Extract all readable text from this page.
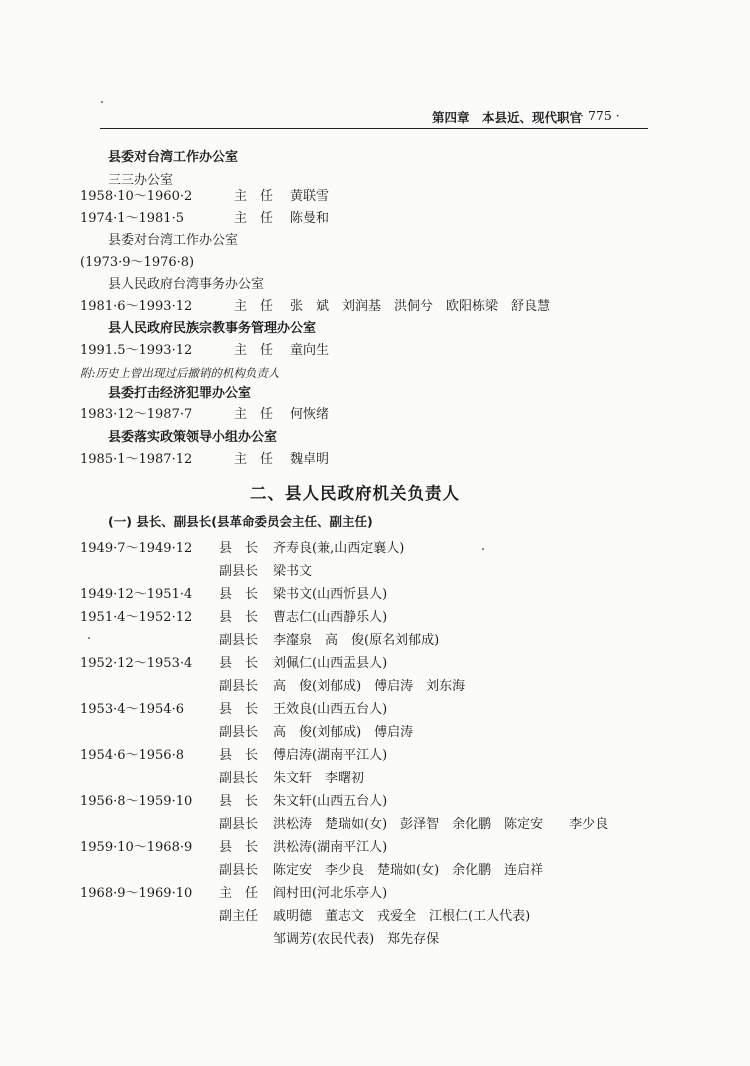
第四章　本县近、现代职官
· 775 ·
县委对台湾工作办公室
三三办公室
1958·10～1960·2	主　任 黄联雪
1974·1～1981·5	主　任 陈曼和
县委对台湾工作办公室
(1973·9～1976·8)
县人民政府台湾事务办公室
1981·6～1993·12	主　任 张　斌　刘润基　洪侗兮　欧阳栋梁　舒良慧
县人民政府民族宗教事务管理办公室
1991.5～1993·12	主　任 童向生
附:历史上曾出现过后撤销的机构负责人
县委打击经济犯罪办公室
1983·12～1987·7	主　任 何恢绪
县委落实政策领导小组办公室
1985·1～1987·12	主　任 魏卓明
二、县人民政府机关负责人
(一) 县长、副县长(县革命委员会主任、副主任)
1949·7～1949·12 县　长 齐寿良(兼,山西定襄人)
副县长 梁书文
1949·12～1951·4 县　长 梁书文(山西忻县人)
1951·4～1952·12 县　长 曹志仁(山西静乐人)
副县长 李瀣泉　高　俊(原名刘郁成)
1952·12～1953·4 县　长 刘佩仁(山西盂县人)
副县长 高　俊(刘郁成)　傅启涛　刘东海
1953·4～1954·6	县　长 王效良(山西五台人)
副县长 高　俊(刘郁成)　傅启涛
1954·6～1956·8	县　长 傅启涛(湖南平江人)
副县长 朱文轩　李曙初
1956·8～1959·10 县　长 朱文轩(山西五台人)
副县长 洪松涛　楚瑞如(女)　彭泽智　余化鹏　陈定安　　李少良
1959·10～1968·9 县　长 洪松涛(湖南平江人)
副县长 陈定安　李少良　楚瑞如(女)　余化鹏　连启祥
1968·9～1969·10 主　任 阎村田(河北乐亭人)
副主任 戚明德　董志文　戎爱全　江根仁(工人代表)
邹调芳(农民代表)　郑先存保
